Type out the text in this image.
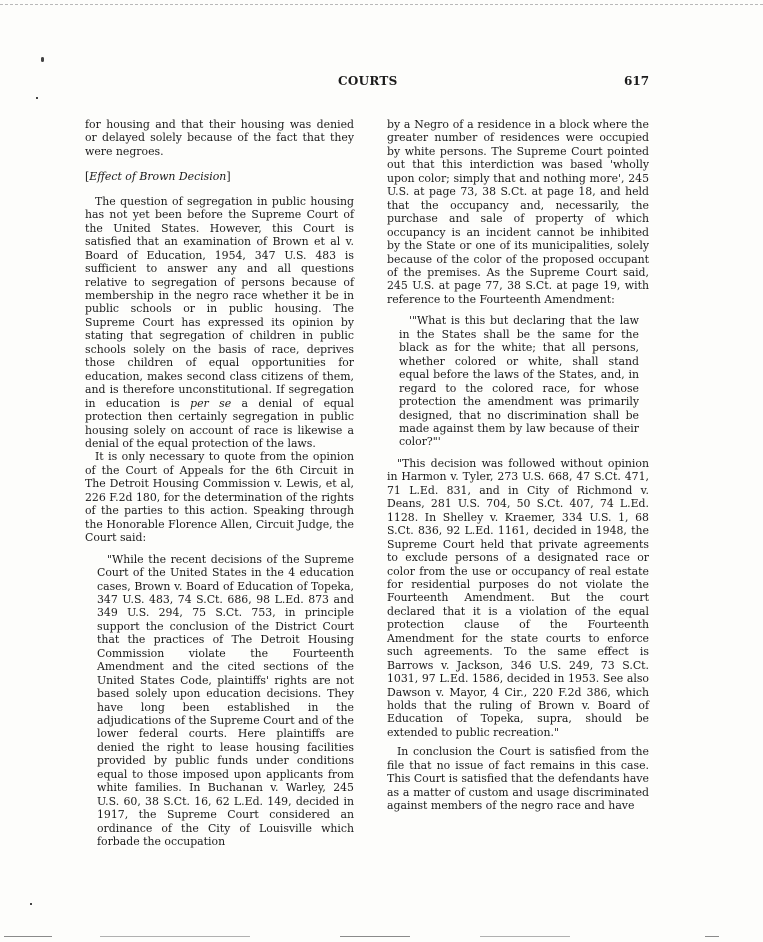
COURTS	617

for housing and that their housing was denied or delayed solely because of the fact that they were negroes.

[Effect of Brown Decision]

The question of segregation in public housing has not yet been before the Supreme Court of the United States. However, this Court is satisfied that an examination of Brown et al v. Board of Education, 1954, 347 U.S. 483 is sufficient to answer any and all questions relative to segregation of persons because of membership in the negro race whether it be in public schools or in public housing. The Supreme Court has expressed its opinion by stating that segregation of children in public schools solely on the basis of race, deprives those children of equal opportunities for education, makes second class citizens of them, and is therefore unconstitutional. If segregation in education is per se a denial of equal protection then certainly segregation in public housing solely on account of race is likewise a denial of the equal protection of the laws.

It is only necessary to quote from the opinion of the Court of Appeals for the 6th Circuit in The Detroit Housing Commission v. Lewis, et al, 226 F.2d 180, for the determination of the rights of the parties to this action. Speaking through the Honorable Florence Allen, Circuit Judge, the Court said:

"While the recent decisions of the Supreme Court of the United States in the 4 education cases, Brown v. Board of Education of Topeka, 347 U.S. 483, 74 S.Ct. 686, 98 L.Ed. 873 and 349 U.S. 294, 75 S.Ct. 753, in principle support the conclusion of the District Court that the practices of The Detroit Housing Commission violate the Fourteenth Amendment and the cited sections of the United States Code, plaintiffs' rights are not based solely upon education decisions. They have long been established in the adjudications of the Supreme Court and of the lower federal courts. Here plaintiffs are denied the right to lease housing facilities provided by public funds under conditions equal to those imposed upon applicants from white families. In Buchanan v. Warley, 245 U.S. 60, 38 S.Ct. 16, 62 L.Ed. 149, decided in 1917, the Supreme Court considered an ordinance of the City of Louisville which forbade the occupation

by a Negro of a residence in a block where the greater number of residences were occupied by white persons. The Supreme Court pointed out that this interdiction was based 'wholly upon color; simply that and nothing more', 245 U.S. at page 73, 38 S.Ct. at page 18, and held that the occupancy and, necessarily, the purchase and sale of property of which occupancy is an incident cannot be inhibited by the State or one of its municipalities, solely because of the color of the proposed occupant of the premises. As the Supreme Court said, 245 U.S. at page 77, 38 S.Ct. at page 19, with reference to the Fourteenth Amendment:

'"What is this but declaring that the law in the States shall be the same for the black as for the white; that all persons, whether colored or white, shall stand equal before the laws of the States, and, in regard to the colored race, for whose protection the amendment was primarily designed, that no discrimination shall be made against them by law because of their color?"'

"This decision was followed without opinion in Harmon v. Tyler, 273 U.S. 668, 47 S.Ct. 471, 71 L.Ed. 831, and in City of Richmond v. Deans, 281 U.S. 704, 50 S.Ct. 407, 74 L.Ed. 1128. In Shelley v. Kraemer, 334 U.S. 1, 68 S.Ct. 836, 92 L.Ed. 1161, decided in 1948, the Supreme Court held that private agreements to exclude persons of a designated race or color from the use or occupancy of real estate for residential purposes do not violate the Fourteenth Amendment. But the court declared that it is a violation of the equal protection clause of the Fourteenth Amendment for the state courts to enforce such agreements. To the same effect is Barrows v. Jackson, 346 U.S. 249, 73 S.Ct. 1031, 97 L.Ed. 1586, decided in 1953. See also Dawson v. Mayor, 4 Cir., 220 F.2d 386, which holds that the ruling of Brown v. Board of Education of Topeka, supra, should be extended to public recreation."

In conclusion the Court is satisfied from the file that no issue of fact remains in this case. This Court is satisfied that the defendants have as a matter of custom and usage discriminated against members of the negro race and have
